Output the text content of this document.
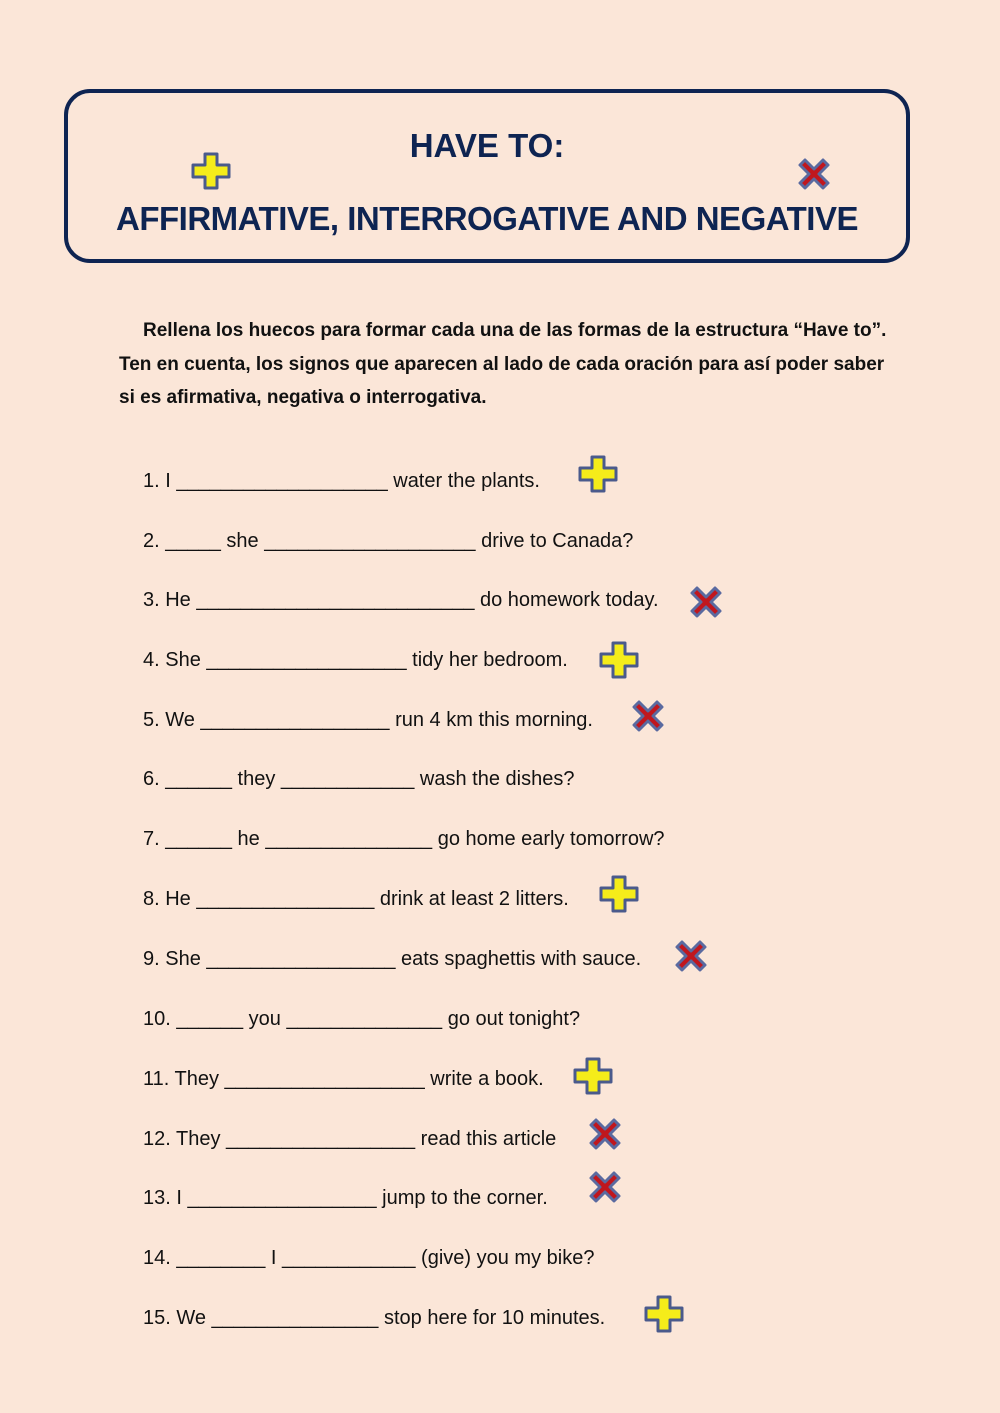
HAVE TO:
AFFIRMATIVE, INTERROGATIVE AND NEGATIVE
Rellena los huecos para formar cada una de las formas de la estructura “Have to”. Ten en cuenta, los signos que aparecen al lado de cada oración para así poder saber si es afirmativa, negativa o interrogativa.
1. I ___________________ water the plants.
2. _____ she ___________________ drive to Canada?
3. He _________________________ do homework today.
4. She __________________ tidy her bedroom.
5. We _________________ run 4 km this morning.
6. ______ they ____________ wash the dishes?
7. ______ he _______________ go home early tomorrow?
8. He ________________ drink at least 2 litters.
9. She _________________ eats spaghettis with sauce.
10. ______ you ______________ go out tonight?
11. They __________________ write a book.
12. They _________________ read this article
13. I _________________ jump to the corner.
14. ________ I ____________ (give) you my bike?
15. We _______________ stop here for 10 minutes.
